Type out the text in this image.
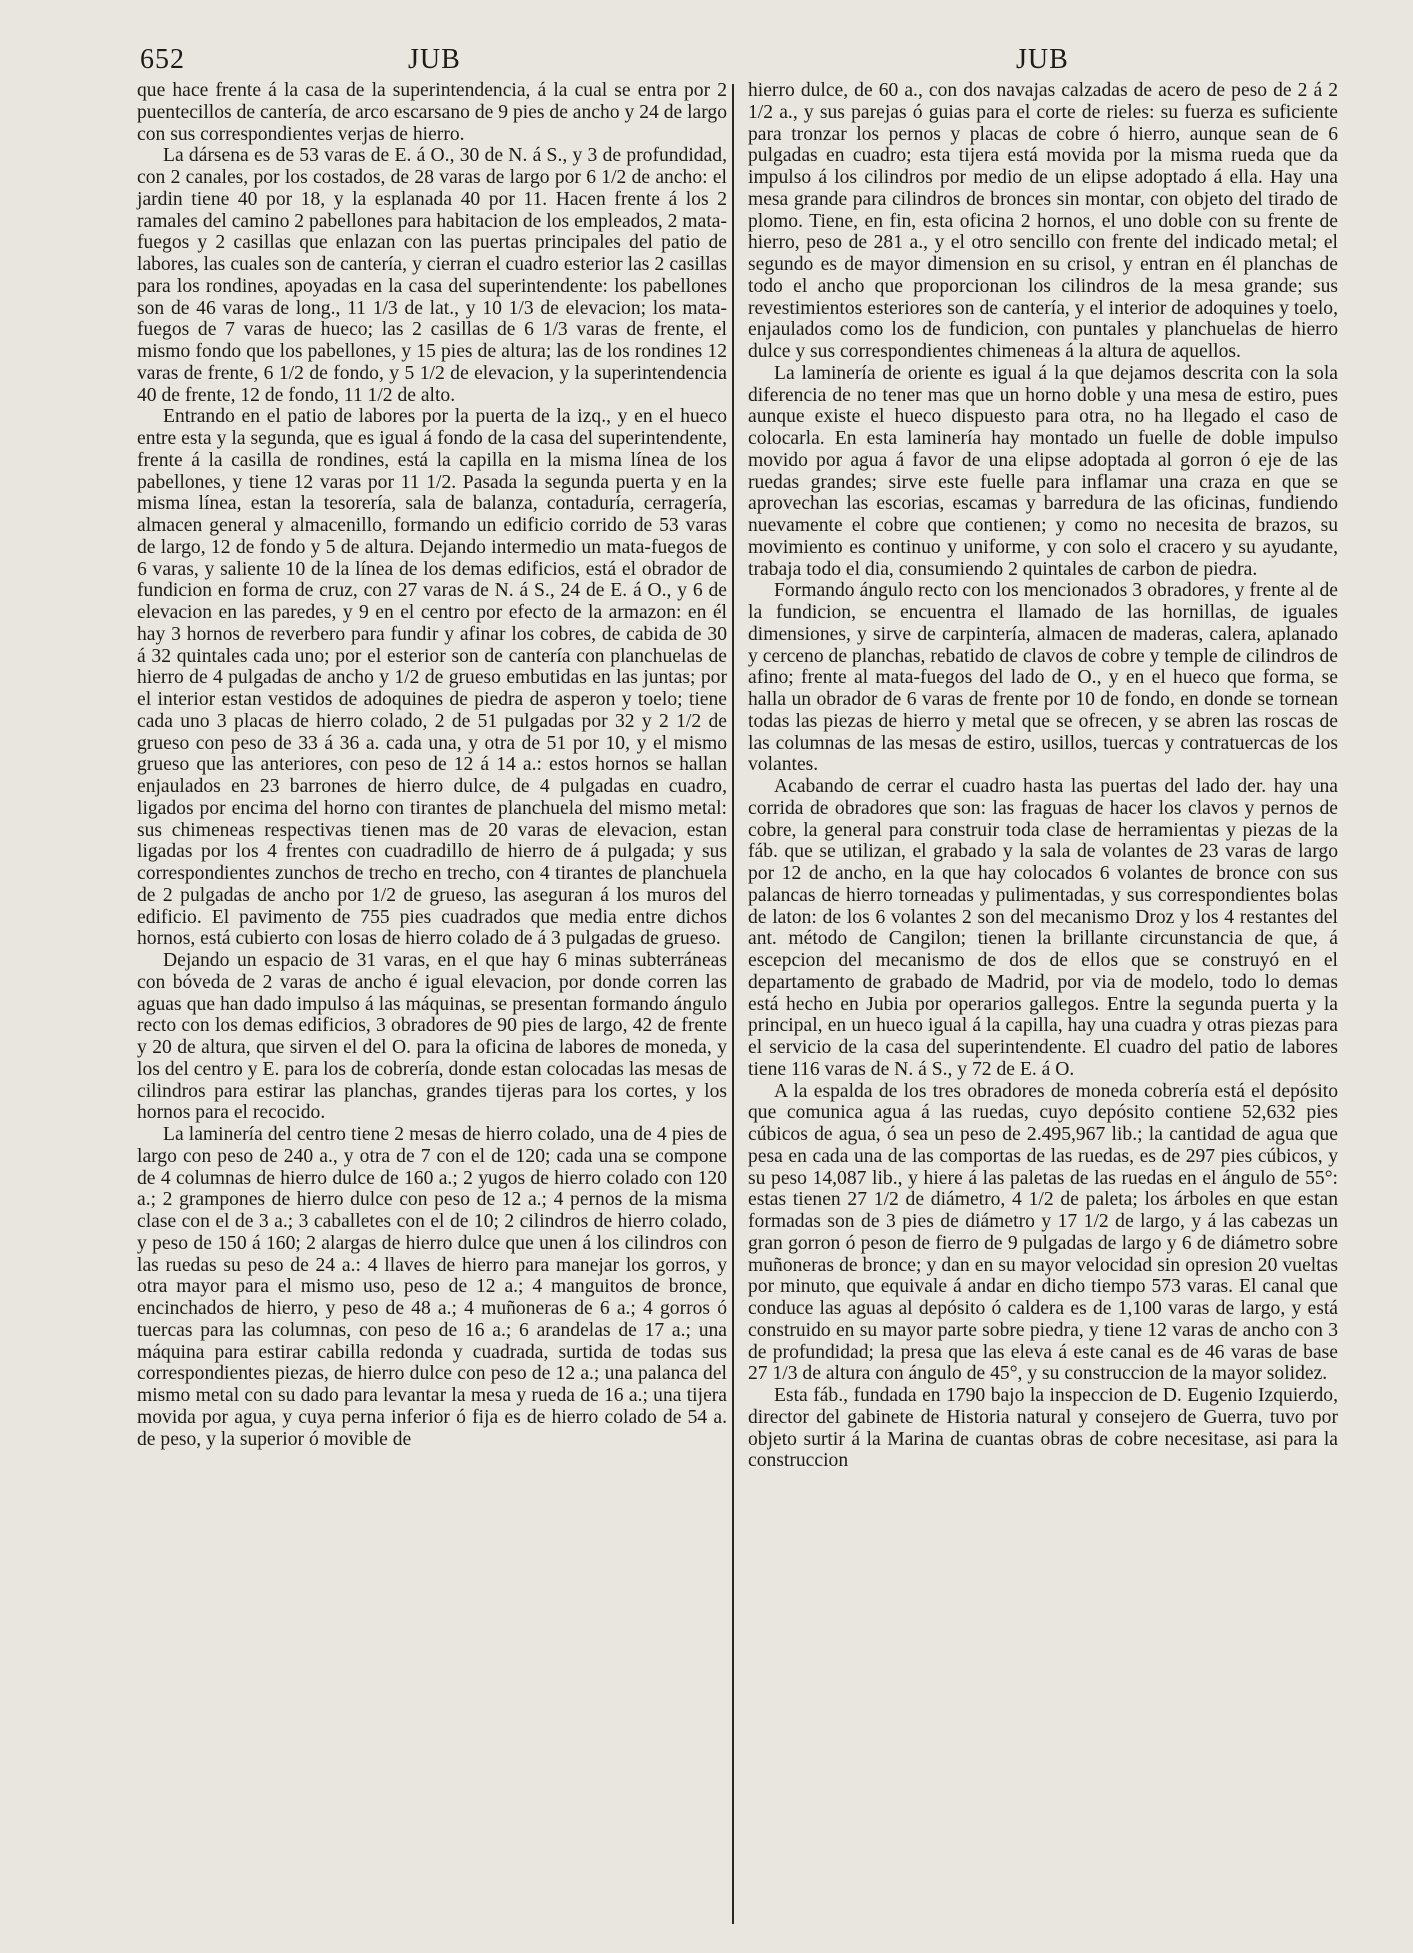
652	JUB	JUB

que hace frente á la casa de la superintendencia, á la cual se entra por 2 puentecillos de cantería, de arco escarsano de 9 pies de ancho y 24 de largo con sus correspondientes verjas de hierro.

La dársena es de 53 varas de E. á O., 30 de N. á S., y 3 de profundidad, con 2 canales, por los costados, de 28 varas de largo por 6 1/2 de ancho: el jardin tiene 40 por 18, y la esplanada 40 por 11. Hacen frente á los 2 ramales del camino 2 pabellones para habitacion de los empleados, 2 mata-fuegos y 2 casillas que enlazan con las puertas principales del patio de labores, las cuales son de cantería, y cierran el cuadro esterior las 2 casillas para los rondines, apoyadas en la casa del superintendente: los pabellones son de 46 varas de long., 11 1/3 de lat., y 10 1/3 de elevacion; los mata-fuegos de 7 varas de hueco; las 2 casillas de 6 1/3 varas de frente, el mismo fondo que los pabellones, y 15 pies de altura; las de los rondines 12 varas de frente, 6 1/2 de fondo, y 5 1/2 de elevacion, y la superintendencia 40 de frente, 12 de fondo, 11 1/2 de alto.

Entrando en el patio de labores por la puerta de la izq., y en el hueco entre esta y la segunda, que es igual á fondo de la casa del superintendente, frente á la casilla de rondines, está la capilla en la misma línea de los pabellones, y tiene 12 varas por 11 1/2. Pasada la segunda puerta y en la misma línea, estan la tesorería, sala de balanza, contaduría, cerragería, almacen general y almacenillo, formando un edificio corrido de 53 varas de largo, 12 de fondo y 5 de altura. Dejando intermedio un mata-fuegos de 6 varas, y saliente 10 de la línea de los demas edificios, está el obrador de fundicion en forma de cruz, con 27 varas de N. á S., 24 de E. á O., y 6 de elevacion en las paredes, y 9 en el centro por efecto de la armazon: en él hay 3 hornos de reverbero para fundir y afinar los cobres, de cabida de 30 á 32 quintales cada uno; por el esterior son de cantería con planchuelas de hierro de 4 pulgadas de ancho y 1/2 de grueso embutidas en las juntas; por el interior estan vestidos de adoquines de piedra de asperon y toelo; tiene cada uno 3 placas de hierro colado, 2 de 51 pulgadas por 32 y 2 1/2 de grueso con peso de 33 á 36 a. cada una, y otra de 51 por 10, y el mismo grueso que las anteriores, con peso de 12 á 14 a.: estos hornos se hallan enjaulados en 23 barrones de hierro dulce, de 4 pulgadas en cuadro, ligados por encima del horno con tirantes de planchuela del mismo metal: sus chimeneas respectivas tienen mas de 20 varas de elevacion, estan ligadas por los 4 frentes con cuadradillo de hierro de á pulgada; y sus correspondientes zunchos de trecho en trecho, con 4 tirantes de planchuela de 2 pulgadas de ancho por 1/2 de grueso, las aseguran á los muros del edificio. El pavimento de 755 pies cuadrados que media entre dichos hornos, está cubierto con losas de hierro colado de á 3 pulgadas de grueso.

Dejando un espacio de 31 varas, en el que hay 6 minas subterráneas con bóveda de 2 varas de ancho é igual elevacion, por donde corren las aguas que han dado impulso á las máquinas, se presentan formando ángulo recto con los demas edificios, 3 obradores de 90 pies de largo, 42 de frente y 20 de altura, que sirven el del O. para la oficina de labores de moneda, y los del centro y E. para los de cobrería, donde estan colocadas las mesas de cilindros para estirar las planchas, grandes tijeras para los cortes, y los hornos para el recocido.

La laminería del centro tiene 2 mesas de hierro colado, una de 4 pies de largo con peso de 240 a., y otra de 7 con el de 120; cada una se compone de 4 columnas de hierro dulce de 160 a.; 2 yugos de hierro colado con 120 a.; 2 grampones de hierro dulce con peso de 12 a.; 4 pernos de la misma clase con el de 3 a.; 3 caballetes con el de 10; 2 cilindros de hierro colado, y peso de 150 á 160; 2 alargas de hierro dulce que unen á los cilindros con las ruedas su peso de 24 a.: 4 llaves de hierro para manejar los gorros, y otra mayor para el mismo uso, peso de 12 a.; 4 manguitos de bronce, encinchados de hierro, y peso de 48 a.; 4 muñoneras de 6 a.; 4 gorros ó tuercas para las columnas, con peso de 16 a.; 6 arandelas de 17 a.; una máquina para estirar cabilla redonda y cuadrada, surtida de todas sus correspondientes piezas, de hierro dulce con peso de 12 a.; una palanca del mismo metal con su dado para levantar la mesa y rueda de 16 a.; una tijera movida por agua, y cuya perna inferior ó fija es de hierro colado de 54 a. de peso, y la superior ó movible de

hierro dulce, de 60 a., con dos navajas calzadas de acero de peso de 2 á 2 1/2 a., y sus parejas ó guias para el corte de rieles: su fuerza es suficiente para tronzar los pernos y placas de cobre ó hierro, aunque sean de 6 pulgadas en cuadro; esta tijera está movida por la misma rueda que da impulso á los cilindros por medio de un elipse adoptado á ella. Hay una mesa grande para cilindros de bronces sin montar, con objeto del tirado de plomo. Tiene, en fin, esta oficina 2 hornos, el uno doble con su frente de hierro, peso de 281 a., y el otro sencillo con frente del indicado metal; el segundo es de mayor dimension en su crisol, y entran en él planchas de todo el ancho que proporcionan los cilindros de la mesa grande; sus revestimientos esteriores son de cantería, y el interior de adoquines y toelo, enjaulados como los de fundicion, con puntales y planchuelas de hierro dulce y sus correspondientes chimeneas á la altura de aquellos.

La laminería de oriente es igual á la que dejamos descrita con la sola diferencia de no tener mas que un horno doble y una mesa de estiro, pues aunque existe el hueco dispuesto para otra, no ha llegado el caso de colocarla. En esta laminería hay montado un fuelle de doble impulso movido por agua á favor de una elipse adoptada al gorron ó eje de las ruedas grandes; sirve este fuelle para inflamar una craza en que se aprovechan las escorias, escamas y barredura de las oficinas, fundiendo nuevamente el cobre que contienen; y como no necesita de brazos, su movimiento es continuo y uniforme, y con solo el cracero y su ayudante, trabaja todo el dia, consumiendo 2 quintales de carbon de piedra.

Formando ángulo recto con los mencionados 3 obradores, y frente al de la fundicion, se encuentra el llamado de las hornillas, de iguales dimensiones, y sirve de carpintería, almacen de maderas, calera, aplanado y cerceno de planchas, rebatido de clavos de cobre y temple de cilindros de afino; frente al mata-fuegos del lado de O., y en el hueco que forma, se halla un obrador de 6 varas de frente por 10 de fondo, en donde se tornean todas las piezas de hierro y metal que se ofrecen, y se abren las roscas de las columnas de las mesas de estiro, usillos, tuercas y contratuercas de los volantes.

Acabando de cerrar el cuadro hasta las puertas del lado der. hay una corrida de obradores que son: las fraguas de hacer los clavos y pernos de cobre, la general para construir toda clase de herramientas y piezas de la fáb. que se utilizan, el grabado y la sala de volantes de 23 varas de largo por 12 de ancho, en la que hay colocados 6 volantes de bronce con sus palancas de hierro torneadas y pulimentadas, y sus correspondientes bolas de laton: de los 6 volantes 2 son del mecanismo Droz y los 4 restantes del ant. método de Cangilon; tienen la brillante circunstancia de que, á escepcion del mecanismo de dos de ellos que se construyó en el departamento de grabado de Madrid, por via de modelo, todo lo demas está hecho en Jubia por operarios gallegos. Entre la segunda puerta y la principal, en un hueco igual á la capilla, hay una cuadra y otras piezas para el servicio de la casa del superintendente. El cuadro del patio de labores tiene 116 varas de N. á S., y 72 de E. á O.

A la espalda de los tres obradores de moneda cobrería está el depósito que comunica agua á las ruedas, cuyo depósito contiene 52,632 pies cúbicos de agua, ó sea un peso de 2.495,967 lib.; la cantidad de agua que pesa en cada una de las comportas de las ruedas, es de 297 pies cúbicos, y su peso 14,087 lib., y hiere á las paletas de las ruedas en el ángulo de 55°: estas tienen 27 1/2 de diámetro, 4 1/2 de paleta; los árboles en que estan formadas son de 3 pies de diámetro y 17 1/2 de largo, y á las cabezas un gran gorron ó peson de fierro de 9 pulgadas de largo y 6 de diámetro sobre muñoneras de bronce; y dan en su mayor velocidad sin opresion 20 vueltas por minuto, que equivale á andar en dicho tiempo 573 varas. El canal que conduce las aguas al depósito ó caldera es de 1,100 varas de largo, y está construido en su mayor parte sobre piedra, y tiene 12 varas de ancho con 3 de profundidad; la presa que las eleva á este canal es de 46 varas de base 27 1/3 de altura con ángulo de 45°, y su construccion de la mayor solidez.

Esta fáb., fundada en 1790 bajo la inspeccion de D. Eugenio Izquierdo, director del gabinete de Historia natural y consejero de Guerra, tuvo por objeto surtir á la Marina de cuantas obras de cobre necesitase, asi para la construccion
